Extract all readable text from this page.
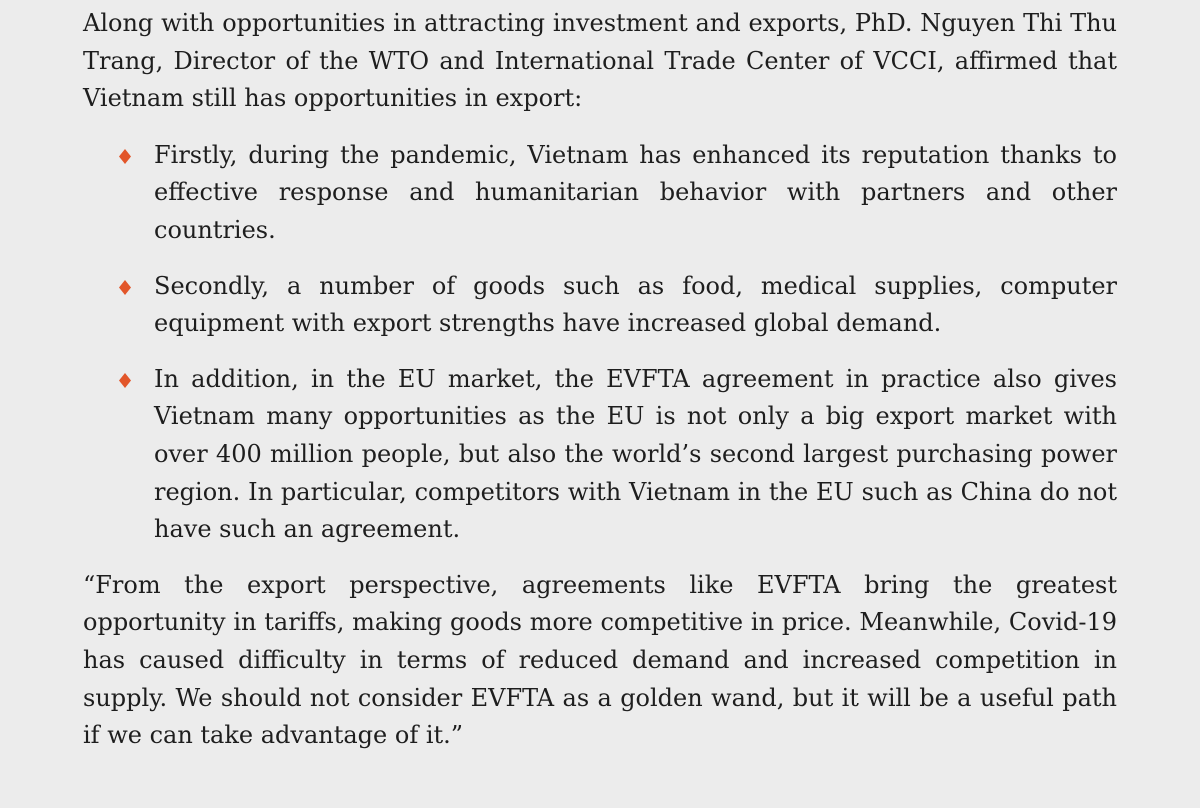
Along with opportunities in attracting investment and exports, PhD. Nguyen Thi Thu Trang, Director of the WTO and International Trade Center of VCCI, affirmed that Vietnam still has opportunities in export:

Firstly, during the pandemic, Vietnam has enhanced its reputation thanks to effective response and humanitarian behavior with partners and other countries.

Secondly, a number of goods such as food, medical supplies, computer equipment with export strengths have increased global demand.

In addition, in the EU market, the EVFTA agreement in practice also gives Vietnam many opportunities as the EU is not only a big export market with over 400 million people, but also the world’s second largest purchasing power region. In particular, competitors with Vietnam in the EU such as China do not have such an agreement.

“From the export perspective, agreements like EVFTA bring the greatest opportunity in tariffs, making goods more competitive in price. Meanwhile, Covid-19 has caused difficulty in terms of reduced demand and increased competition in supply. We should not consider EVFTA as a golden wand, but it will be a useful path if we can take advantage of it.”
